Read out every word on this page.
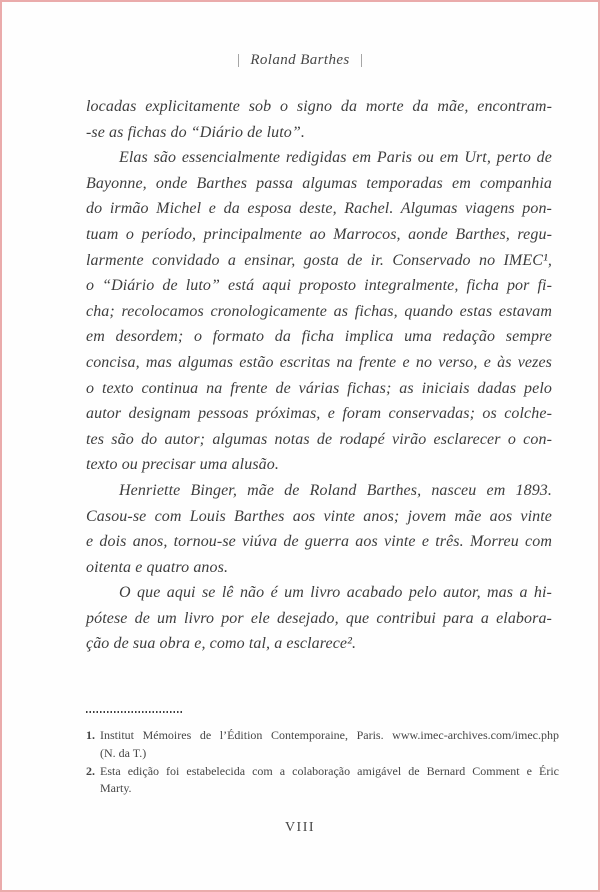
| Roland Barthes |
locadas explicitamente sob o signo da morte da mãe, encontram-
-se as fichas do “Diário de luto”.
Elas são essencialmente redigidas em Paris ou em Urt, perto de
Bayonne, onde Barthes passa algumas temporadas em companhia
do irmão Michel e da esposa deste, Rachel. Algumas viagens pon-
tuam o período, principalmente ao Marrocos, aonde Barthes, regu-
larmente convidado a ensinar, gosta de ir. Conservado no IMEC¹,
o “Diário de luto” está aqui proposto integralmente, ficha por fi-
cha; recolocamos cronologicamente as fichas, quando estas estavam
em desordem; o formato da ficha implica uma redação sempre
concisa, mas algumas estão escritas na frente e no verso, e às vezes
o texto continua na frente de várias fichas; as iniciais dadas pelo
autor designam pessoas próximas, e foram conservadas; os colche-
tes são do autor; algumas notas de rodapé virão esclarecer o con-
texto ou precisar uma alusão.
Henriette Binger, mãe de Roland Barthes, nasceu em 1893.
Casou-se com Louis Barthes aos vinte anos; jovem mãe aos vinte
e dois anos, tornou-se viúva de guerra aos vinte e três. Morreu com
oitenta e quatro anos.
O que aqui se lê não é um livro acabado pelo autor, mas a hi-
pótese de um livro por ele desejado, que contribui para a elabora-
ção de sua obra e, como tal, a esclarece².
1. Institut Mémoires de l’Édition Contemporaine, Paris. www.imec-archives.com/imec.php
(N. da T.)
2. Esta edição foi estabelecida com a colaboração amigável de Bernard Comment e Éric
Marty.
VIII
